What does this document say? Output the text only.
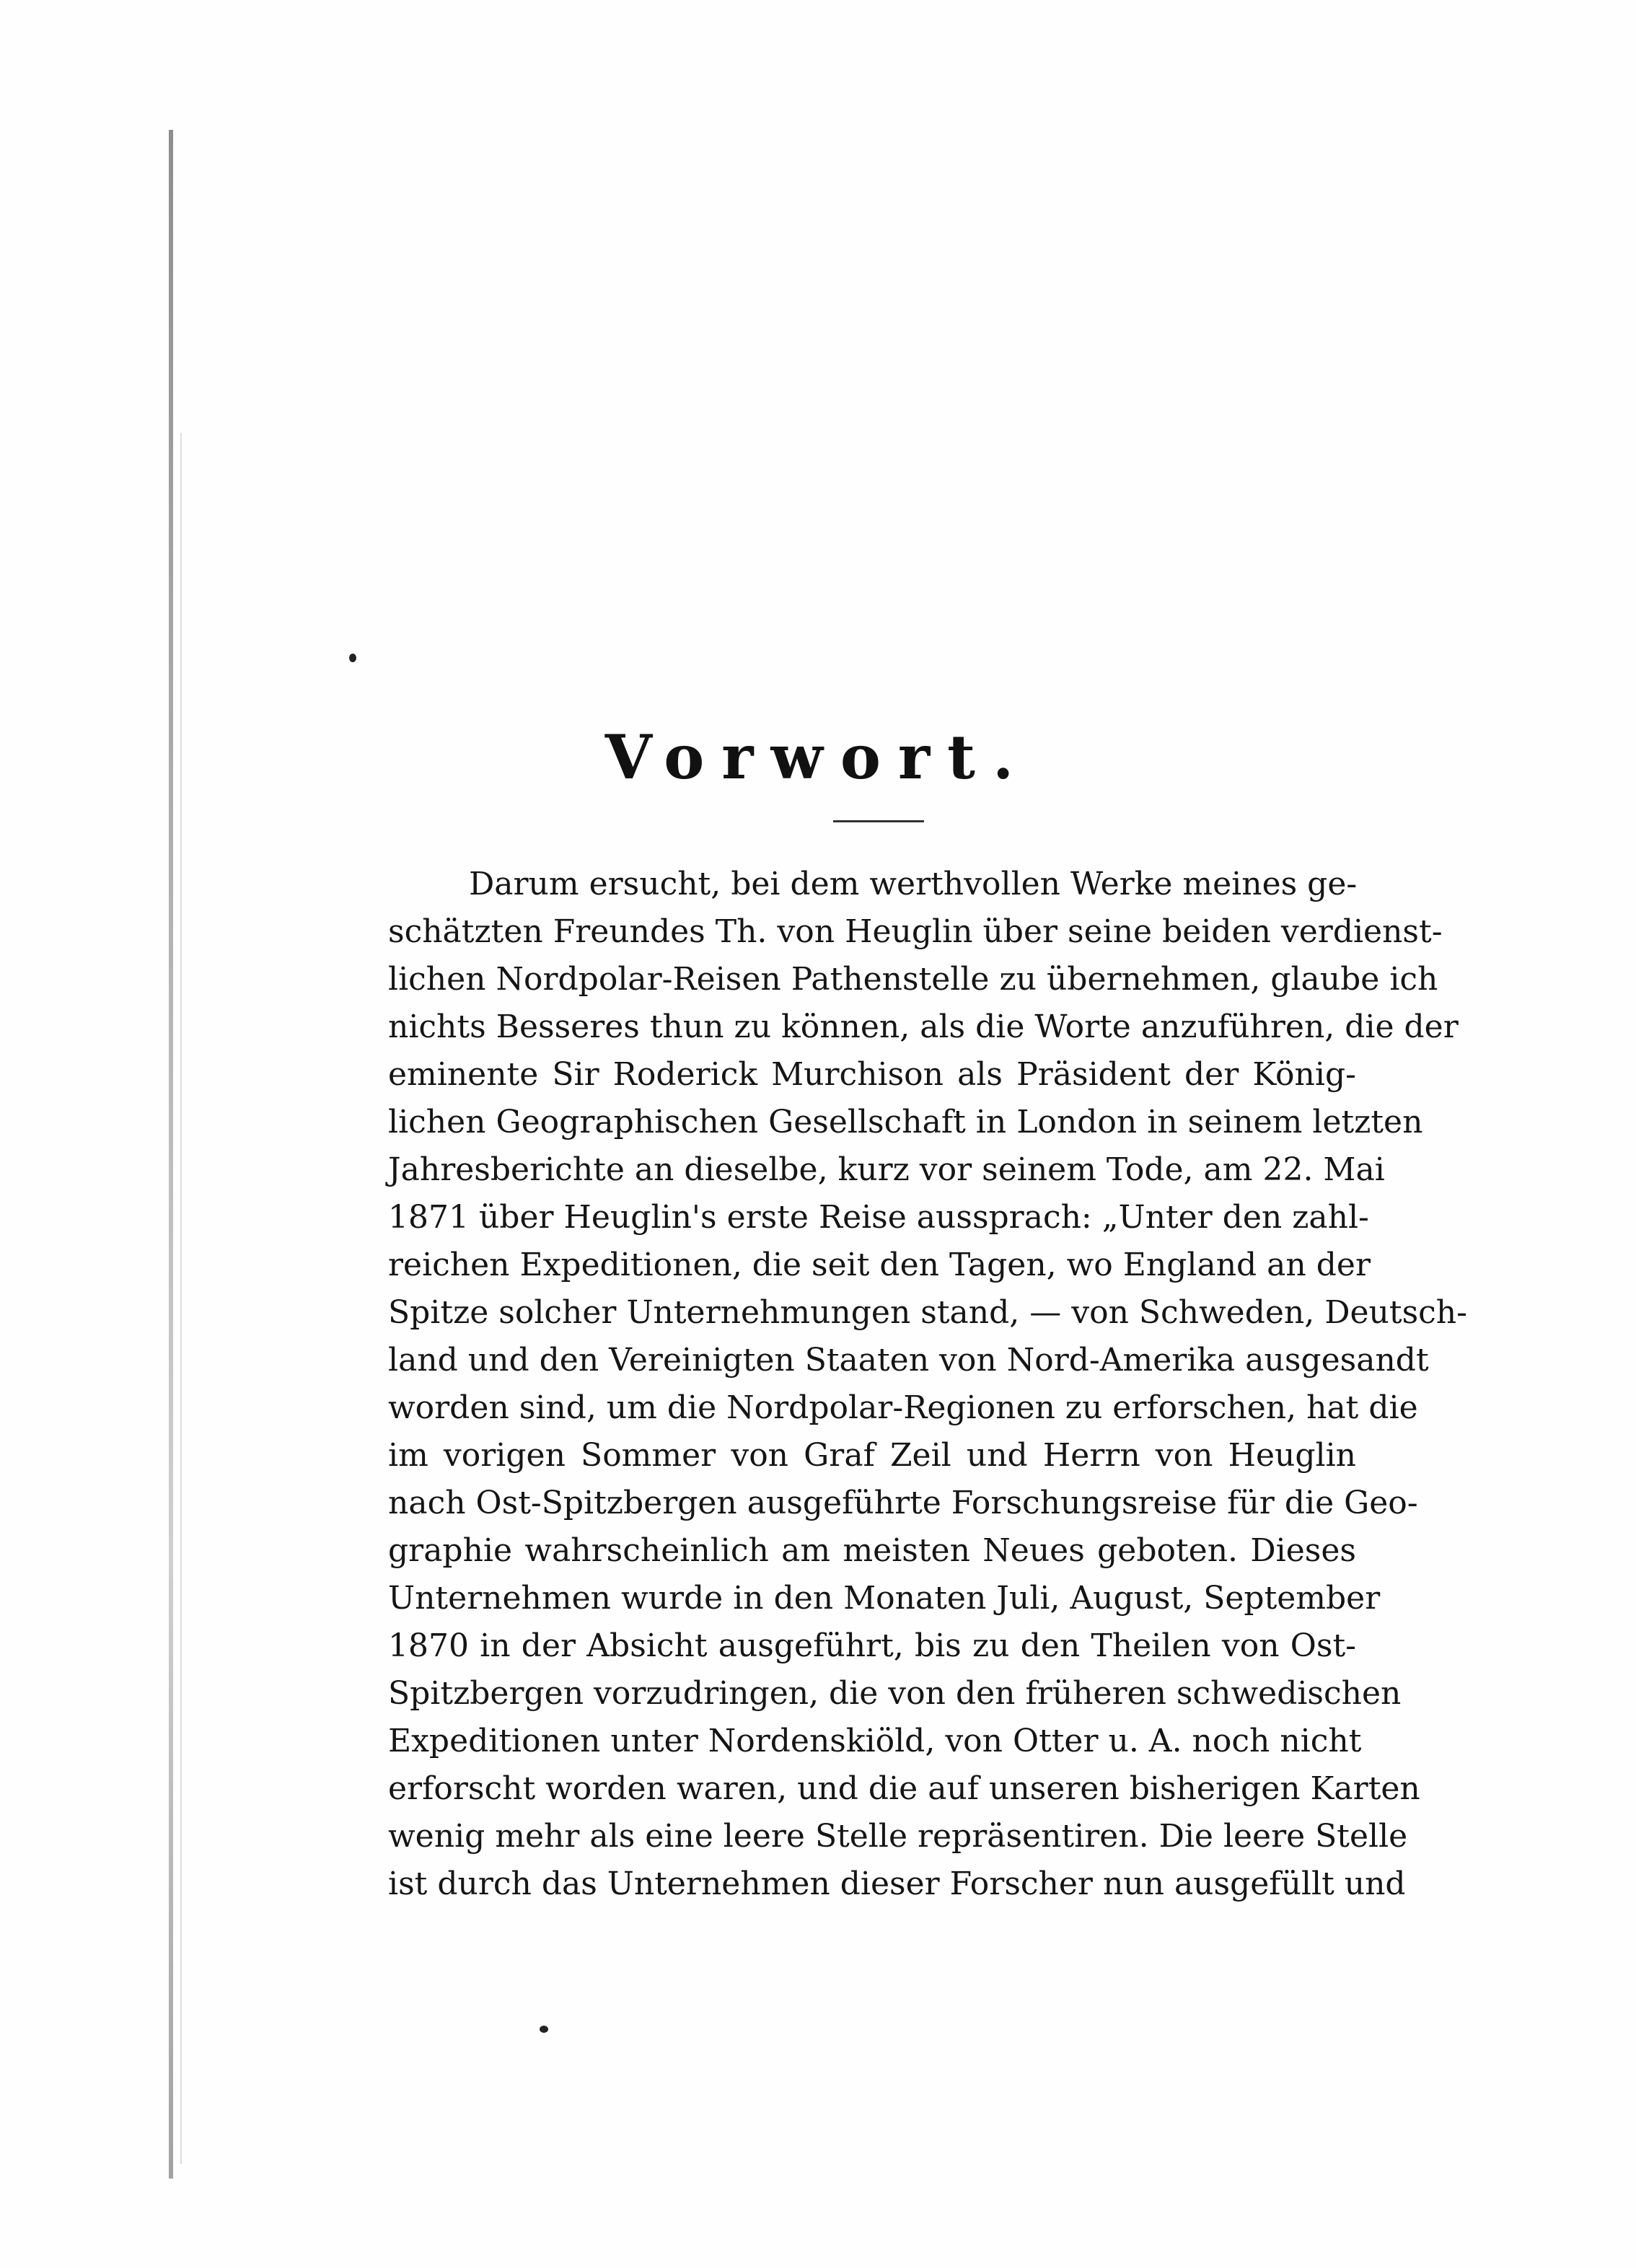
Vorwort.
Darum ersucht, bei dem werthvollen Werke meines ge-
schätzten Freundes Th. von Heuglin über seine beiden verdienst-
lichen Nordpolar-Reisen Pathenstelle zu übernehmen, glaube ich
nichts Besseres thun zu können, als die Worte anzuführen, die der
eminente Sir Roderick Murchison als Präsident der König-
lichen Geographischen Gesellschaft in London in seinem letzten
Jahresberichte an dieselbe, kurz vor seinem Tode, am 22. Mai
1871 über Heuglin's erste Reise aussprach: „Unter den zahl-
reichen Expeditionen, die seit den Tagen, wo England an der
Spitze solcher Unternehmungen stand, — von Schweden, Deutsch-
land und den Vereinigten Staaten von Nord-Amerika ausgesandt
worden sind, um die Nordpolar-Regionen zu erforschen, hat die
im vorigen Sommer von Graf Zeil und Herrn von Heuglin
nach Ost-Spitzbergen ausgeführte Forschungsreise für die Geo-
graphie wahrscheinlich am meisten Neues geboten. Dieses
Unternehmen wurde in den Monaten Juli, August, September
1870 in der Absicht ausgeführt, bis zu den Theilen von Ost-
Spitzbergen vorzudringen, die von den früheren schwedischen
Expeditionen unter Nordenskiöld, von Otter u. A. noch nicht
erforscht worden waren, und die auf unseren bisherigen Karten
wenig mehr als eine leere Stelle repräsentiren. Die leere Stelle
ist durch das Unternehmen dieser Forscher nun ausgefüllt und
